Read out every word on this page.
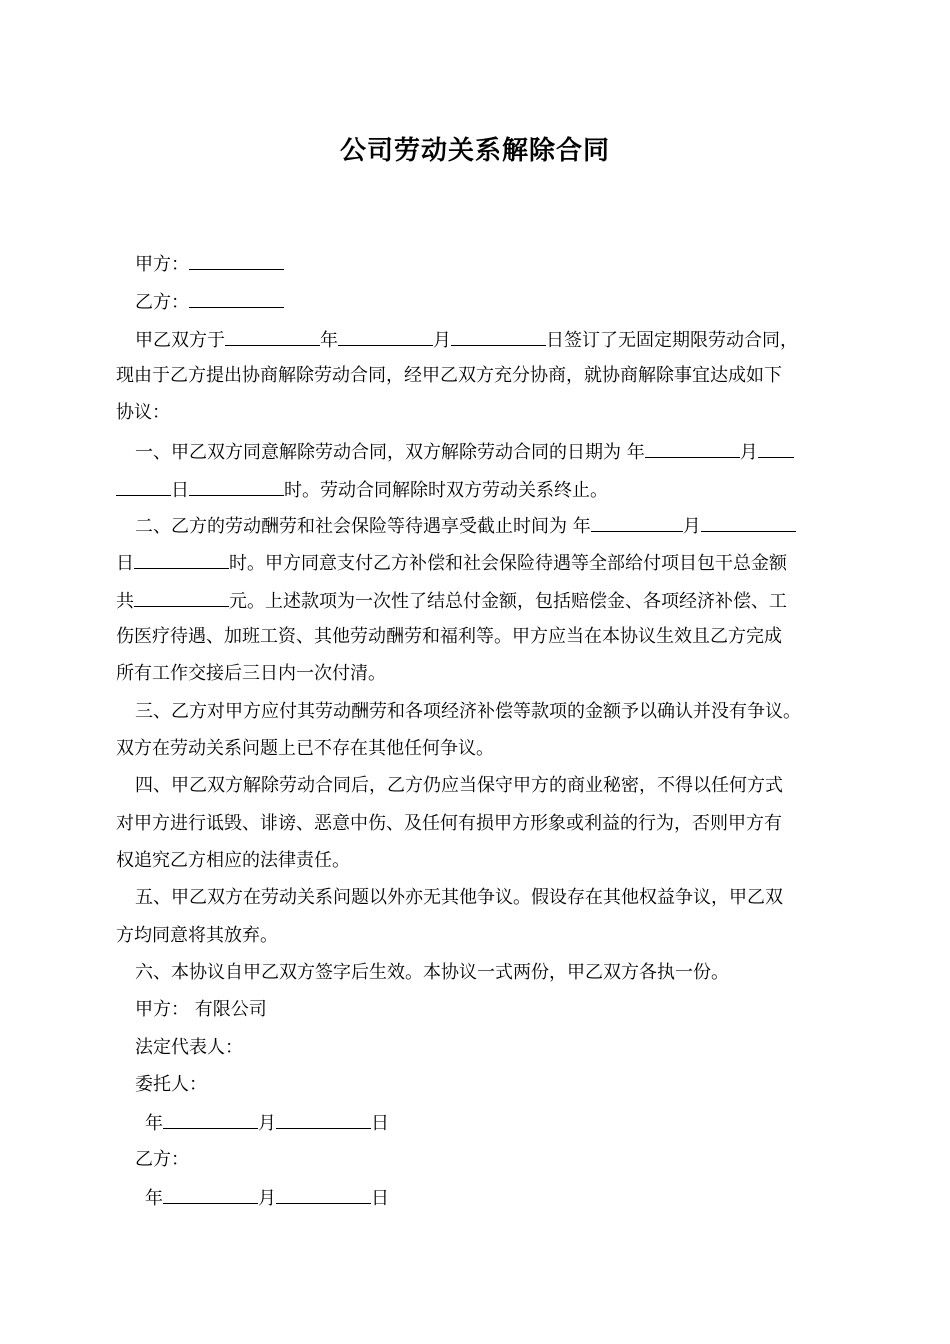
公司劳动关系解除合同
甲方：
乙方：
甲乙双方于	年	月	日签订了无固定期限劳动合同，
现由于乙方提出协商解除劳动合同，经甲乙双方充分协商，就协商解除事宜达成如下
协议：
一、甲乙双方同意解除劳动合同，双方解除劳动合同的日期为 年	月
日	时。劳动合同解除时双方劳动关系终止。
二、乙方的劳动酬劳和社会保险等待遇享受截止时间为 年	月
日	时。甲方同意支付乙方补偿和社会保险待遇等全部给付项目包干总金额
共	元。上述款项为一次性了结总付金额，包括赔偿金、各项经济补偿、工
伤医疗待遇、加班工资、其他劳动酬劳和福利等。甲方应当在本协议生效且乙方完成
所有工作交接后三日内一次付清。
三、乙方对甲方应付其劳动酬劳和各项经济补偿等款项的金额予以确认并没有争议。
双方在劳动关系问题上已不存在其他任何争议。
四、甲乙双方解除劳动合同后，乙方仍应当保守甲方的商业秘密，不得以任何方式
对甲方进行诋毁、诽谤、恶意中伤、及任何有损甲方形象或利益的行为，否则甲方有
权追究乙方相应的法律责任。
五、甲乙双方在劳动关系问题以外亦无其他争议。假设存在其他权益争议，甲乙双
方均同意将其放弃。
六、本协议自甲乙双方签字后生效。本协议一式两份，甲乙双方各执一份。
甲方： 有限公司
法定代表人：
委托人：
年	月	日
乙方：
年	月	日
